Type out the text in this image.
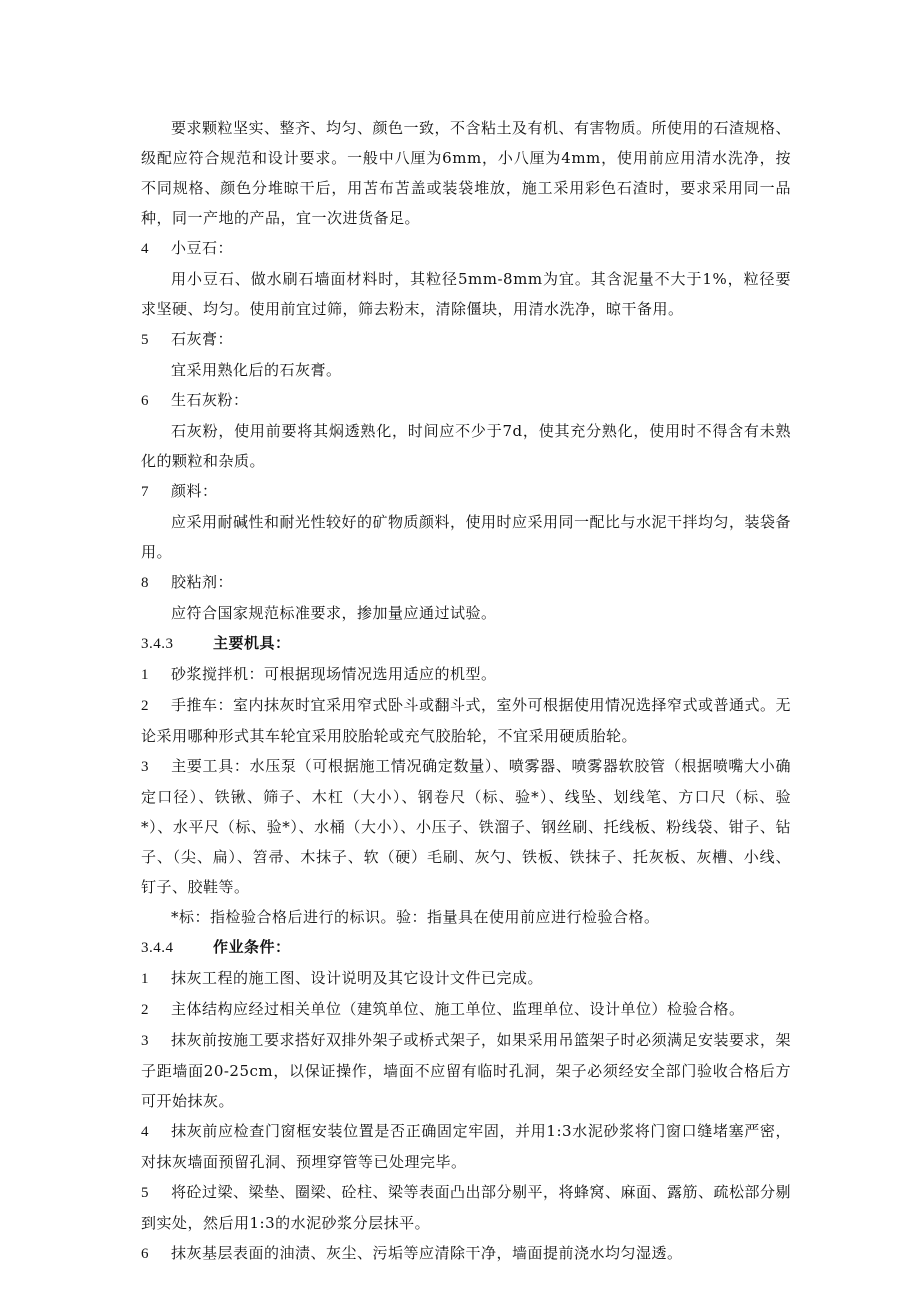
要求颗粒坚实、整齐、均匀、颜色一致，不含粘土及有机、有害物质。所使用的石渣规格、级配应符合规范和设计要求。一般中八厘为6mm，小八厘为4mm，使用前应用清水洗净，按不同规格、颜色分堆晾干后，用苫布苫盖或装袋堆放，施工采用彩色石渣时，要求采用同一品种，同一产地的产品，宜一次进货备足。

4 小豆石：

用小豆石、做水刷石墙面材料时，其粒径5mm-8mm为宜。其含泥量不大于1%，粒径要求坚硬、均匀。使用前宜过筛，筛去粉末，清除僵块，用清水洗净，晾干备用。

5 石灰膏：

宜采用熟化后的石灰膏。

6 生石灰粉：

石灰粉，使用前要将其焖透熟化，时间应不少于7d，使其充分熟化，使用时不得含有未熟化的颗粒和杂质。

7 颜料：

应采用耐碱性和耐光性较好的矿物质颜料，使用时应采用同一配比与水泥干拌均匀，装袋备用。

8 胶粘剂：

应符合国家规范标准要求，掺加量应通过试验。

3.4.3	主要机具：

1 砂浆搅拌机：可根据现场情况选用适应的机型。

2 手推车：室内抹灰时宜采用窄式卧斗或翻斗式，室外可根据使用情况选择窄式或普通式。无论采用哪种形式其车轮宜采用胶胎轮或充气胶胎轮，不宜采用硬质胎轮。

3 主要工具：水压泵（可根据施工情况确定数量）、喷雾器、喷雾器软胶管（根据喷嘴大小确定口径）、铁锹、筛子、木杠（大小）、钢卷尺（标、验*）、线坠、划线笔、方口尺（标、验*）、水平尺（标、验*）、水桶（大小）、小压子、铁溜子、钢丝刷、托线板、粉线袋、钳子、钻子、（尖、扁）、笤帚、木抹子、软（硬）毛刷、灰勺、铁板、铁抹子、托灰板、灰槽、小线、钉子、胶鞋等。

*标：指检验合格后进行的标识。验：指量具在使用前应进行检验合格。

3.4.4	作业条件：

1 抹灰工程的施工图、设计说明及其它设计文件已完成。

2 主体结构应经过相关单位（建筑单位、施工单位、监理单位、设计单位）检验合格。

3 抹灰前按施工要求搭好双排外架子或桥式架子，如果采用吊篮架子时必须满足安装要求，架子距墙面20-25cm，以保证操作，墙面不应留有临时孔洞，架子必须经安全部门验收合格后方可开始抹灰。

4 抹灰前应检查门窗框安装位置是否正确固定牢固，并用1:3水泥砂浆将门窗口缝堵塞严密，对抹灰墙面预留孔洞、预埋穿管等已处理完毕。

5 将砼过梁、梁垫、圈梁、砼柱、梁等表面凸出部分剔平，将蜂窝、麻面、露筋、疏松部分剔到实处，然后用1:3的水泥砂浆分层抹平。

6 抹灰基层表面的油渍、灰尘、污垢等应清除干净，墙面提前浇水均匀湿透。
